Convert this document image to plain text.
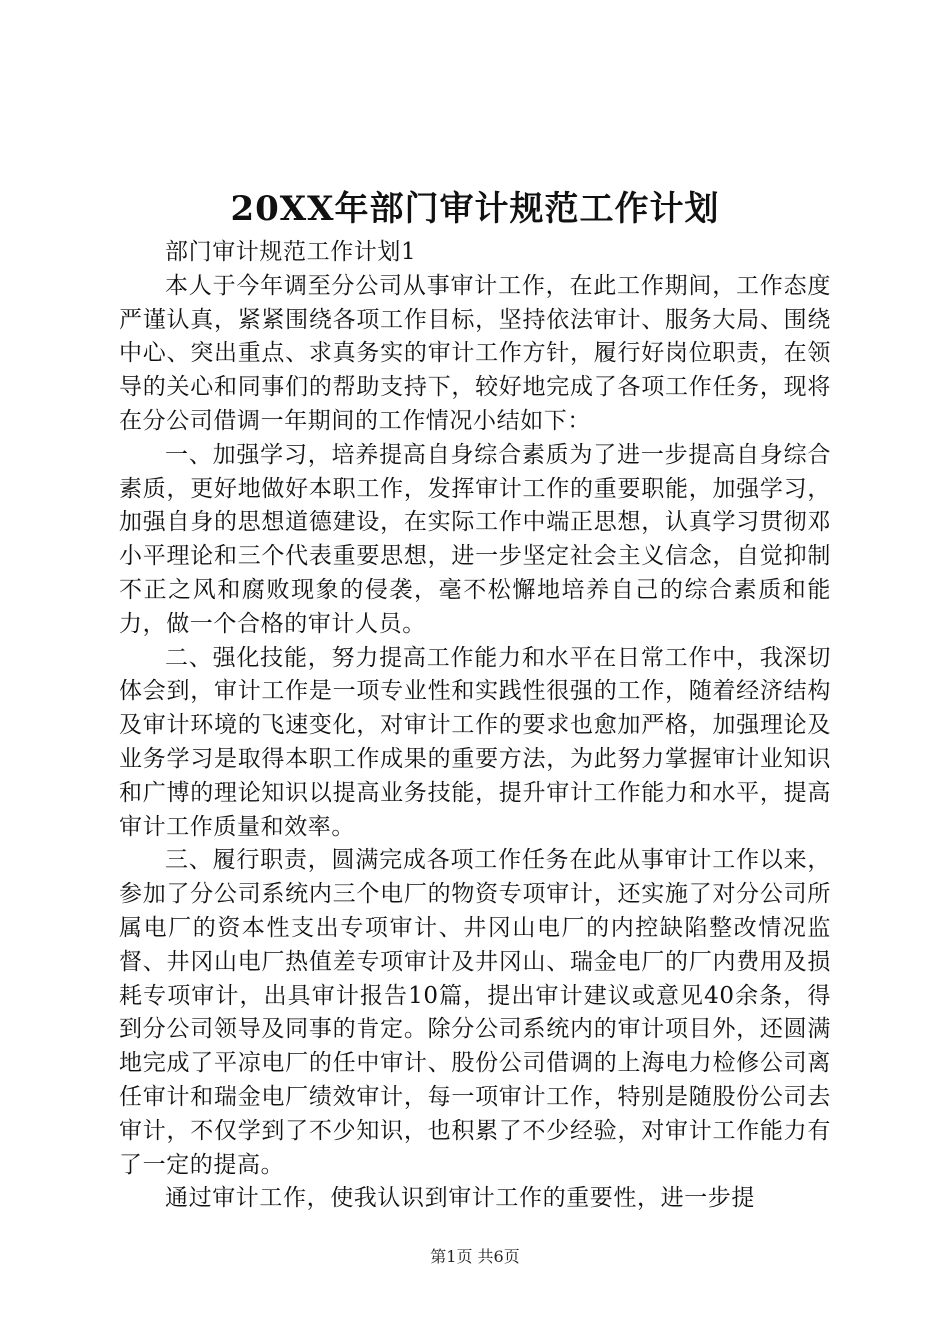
20XX年部门审计规范工作计划

部门审计规范工作计划1

本人于今年调至分公司从事审计工作，在此工作期间，工作态度严谨认真，紧紧围绕各项工作目标，坚持依法审计、服务大局、围绕中心、突出重点、求真务实的审计工作方针，履行好岗位职责，在领导的关心和同事们的帮助支持下，较好地完成了各项工作任务，现将在分公司借调一年期间的工作情况小结如下：

一、加强学习，培养提高自身综合素质为了进一步提高自身综合素质，更好地做好本职工作，发挥审计工作的重要职能，加强学习，加强自身的思想道德建设，在实际工作中端正思想，认真学习贯彻邓小平理论和三个代表重要思想，进一步坚定社会主义信念，自觉抑制不正之风和腐败现象的侵袭，毫不松懈地培养自己的综合素质和能力，做一个合格的审计人员。

二、强化技能，努力提高工作能力和水平在日常工作中，我深切体会到，审计工作是一项专业性和实践性很强的工作，随着经济结构及审计环境的飞速变化，对审计工作的要求也愈加严格，加强理论及业务学习是取得本职工作成果的重要方法，为此努力掌握审计业知识和广博的理论知识以提高业务技能，提升审计工作能力和水平，提高审计工作质量和效率。

三、履行职责，圆满完成各项工作任务在此从事审计工作以来，参加了分公司系统内三个电厂的物资专项审计，还实施了对分公司所属电厂的资本性支出专项审计、井冈山电厂的内控缺陷整改情况监督、井冈山电厂热值差专项审计及井冈山、瑞金电厂的厂内费用及损耗专项审计，出具审计报告10篇，提出审计建议或意见40余条，得到分公司领导及同事的肯定。除分公司系统内的审计项目外，还圆满地完成了平凉电厂的任中审计、股份公司借调的上海电力检修公司离任审计和瑞金电厂绩效审计，每一项审计工作，特别是随股份公司去审计，不仅学到了不少知识，也积累了不少经验，对审计工作能力有了一定的提高。

通过审计工作，使我认识到审计工作的重要性，进一步提

第1页 共6页
